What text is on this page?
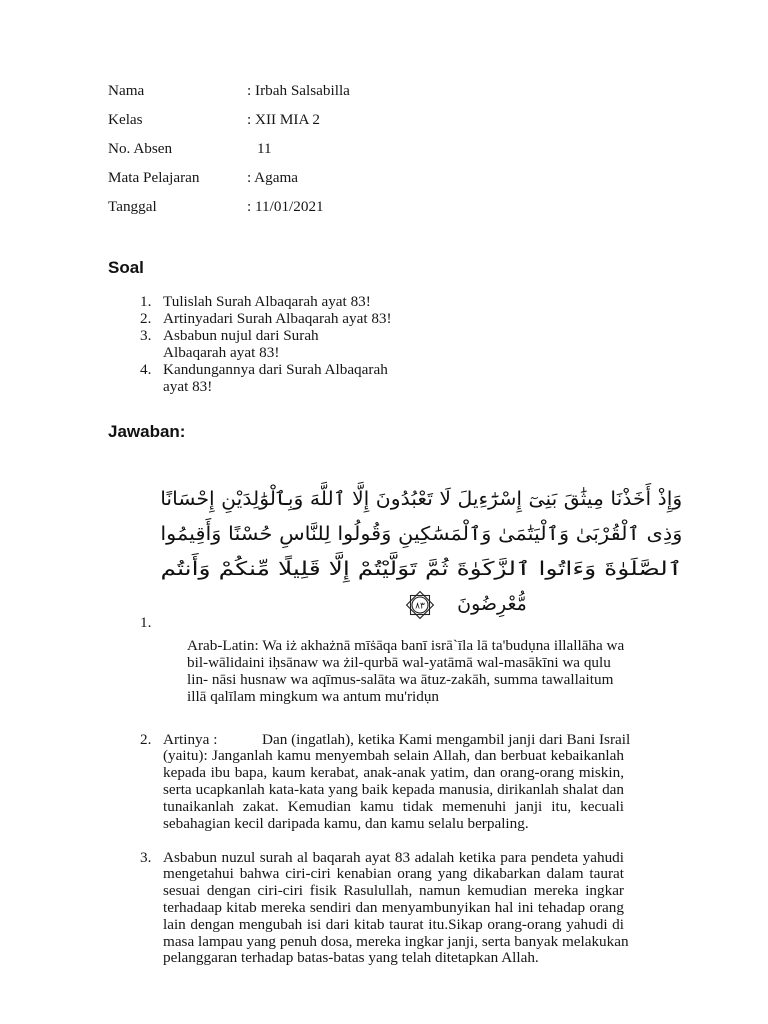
Nama	: Irbah Salsabilla
Kelas	: XII MIA 2
No. Absen	11
Mata Pelajaran	: Agama
Tanggal	: 11/01/2021
Soal
1. Tulislah Surah Albaqarah ayat 83!
2. Artinyadari Surah Albaqarah ayat 83!
3. Asbabun nujul dari Surah
Albaqarah ayat 83!
4. Kandungannya dari Surah Albaqarah
ayat 83!
Jawaban:
وَإِذْ أَخَذْنَا مِيثَٰقَ بَنِىٓ إِسْرَٰٓءِيلَ لَا تَعْبُدُونَ إِلَّا ٱللَّهَ وَبِٱلْوَٰلِدَيْنِ إِحْسَانًا
وَذِى ٱلْقُرْبَىٰ وَٱلْيَتَٰمَىٰ وَٱلْمَسَٰكِينِ وَقُولُوا لِلنَّاسِ حُسْنًا وَأَقِيمُوا
ٱلصَّلَوٰةَ وَءَاتُوا ٱلزَّكَوٰةَ ثُمَّ تَوَلَّيْتُمْ إِلَّا قَلِيلًا مِّنكُمْ وَأَنتُم
مُّعْرِضُونَ
٨٣
1.
Arab-Latin: Wa iż akhażnā mīṡāqa banī isrā`īla lā ta'budụna illallāha wa
bil-wālidaini iḥsānaw wa żil-qurbā wal-yatāmā wal-masākīni wa qulu
lin- nāsi husnaw wa aqīmus-salāta wa ātuz-zakāh, summa tawallaitum
illā qalīlam mingkum wa antum mu'ridụn
2. Artinya :	Dan (ingatlah), ketika Kami mengambil janji dari Bani Israil
(yaitu): Janganlah kamu menyembah selain Allah, dan berbuat kebaikanlah
kepada ibu bapa, kaum kerabat, anak-anak yatim, dan orang-orang miskin,
serta ucapkanlah kata-kata yang baik kepada manusia, dirikanlah shalat dan
tunaikanlah zakat. Kemudian kamu tidak memenuhi janji itu, kecuali
sebahagian kecil daripada kamu, dan kamu selalu berpaling.
3. Asbabun nuzul surah al baqarah ayat 83 adalah ketika para pendeta yahudi
mengetahui bahwa ciri-ciri kenabian orang yang dikabarkan dalam taurat
sesuai dengan ciri-ciri fisik Rasulullah, namun kemudian mereka ingkar
terhadaap kitab mereka sendiri dan menyambunyikan hal ini tehadap orang
lain dengan mengubah isi dari kitab taurat itu.Sikap orang-orang yahudi di
masa lampau yang penuh dosa, mereka ingkar janji, serta banyak melakukan
pelanggaran terhadap batas-batas yang telah ditetapkan Allah.
